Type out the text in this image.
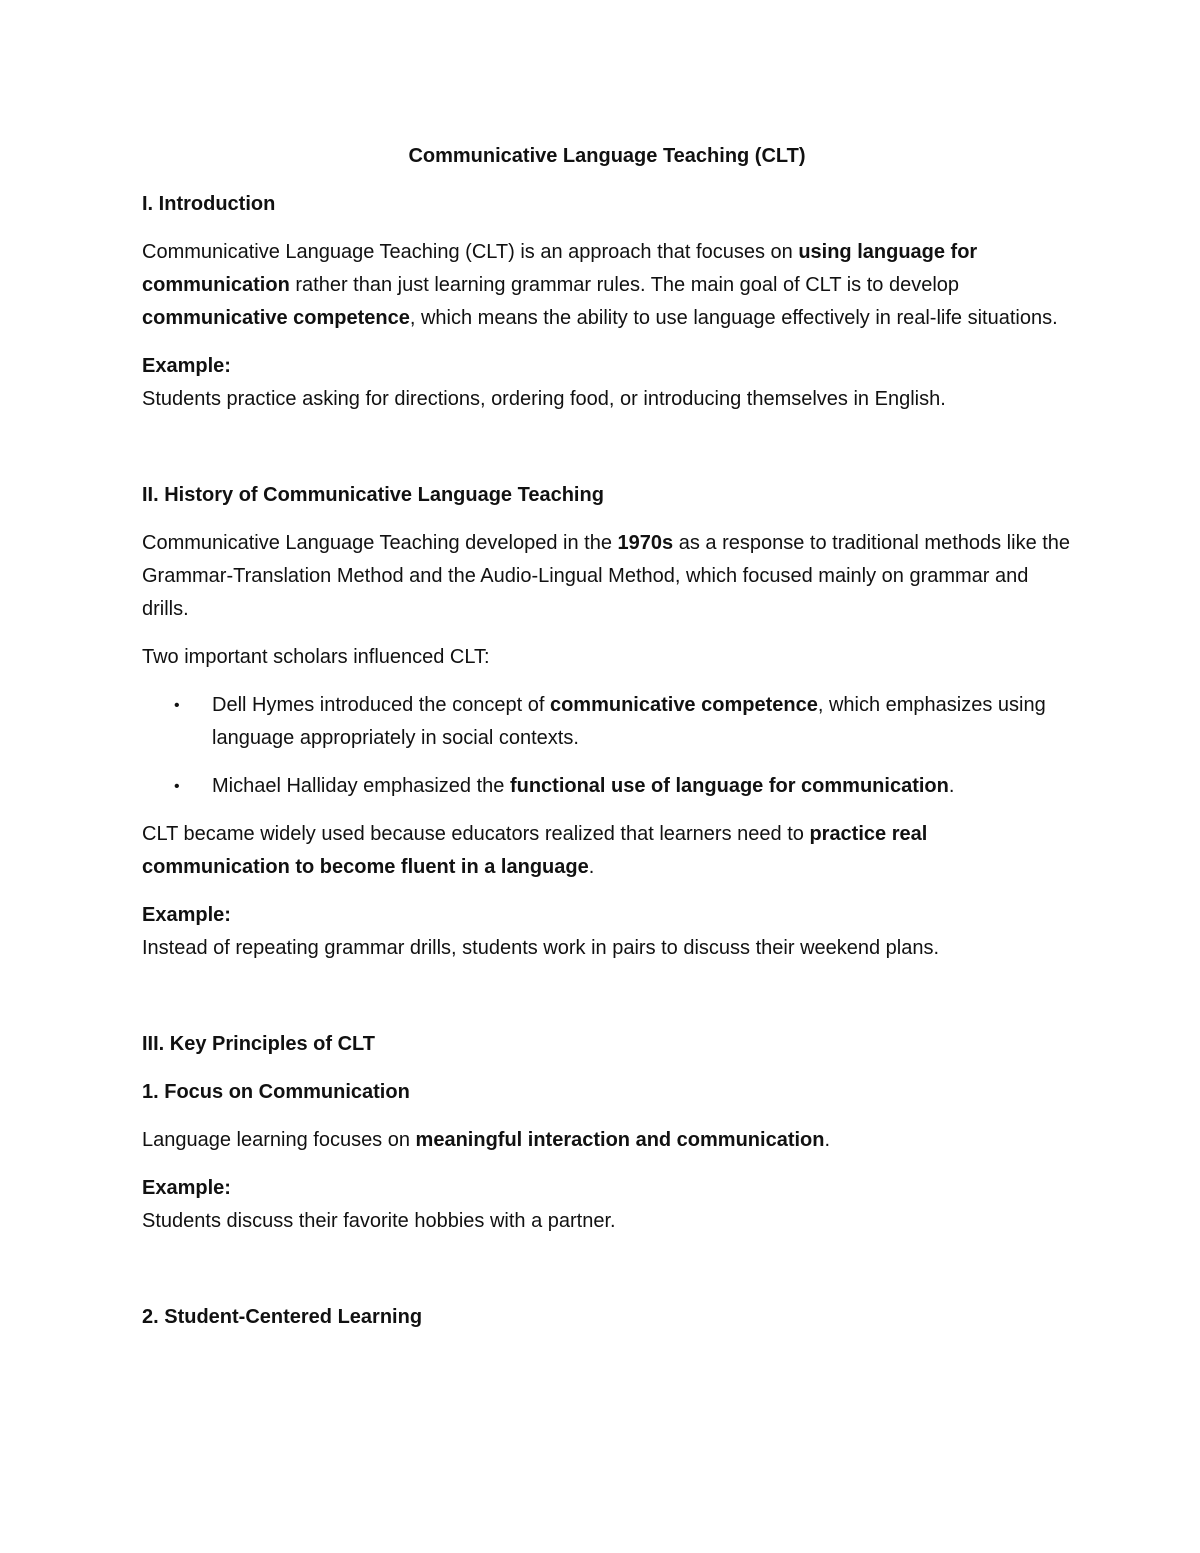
Communicative Language Teaching (CLT)
I. Introduction

Communicative Language Teaching (CLT) is an approach that focuses on using language for communication rather than just learning grammar rules. The main goal of CLT is to develop communicative competence, which means the ability to use language effectively in real-life situations.

Example:
Students practice asking for directions, ordering food, or introducing themselves in English.
II. History of Communicative Language Teaching

Communicative Language Teaching developed in the 1970s as a response to traditional methods like the Grammar-Translation Method and the Audio-Lingual Method, which focused mainly on grammar and drills.

Two important scholars influenced CLT:

• Dell Hymes introduced the concept of communicative competence, which emphasizes using language appropriately in social contexts.
• Michael Halliday emphasized the functional use of language for communication.

CLT became widely used because educators realized that learners need to practice real communication to become fluent in a language.

Example:
Instead of repeating grammar drills, students work in pairs to discuss their weekend plans.
III. Key Principles of CLT
1. Focus on Communication

Language learning focuses on meaningful interaction and communication.

Example:
Students discuss their favorite hobbies with a partner.
2. Student-Centered Learning
